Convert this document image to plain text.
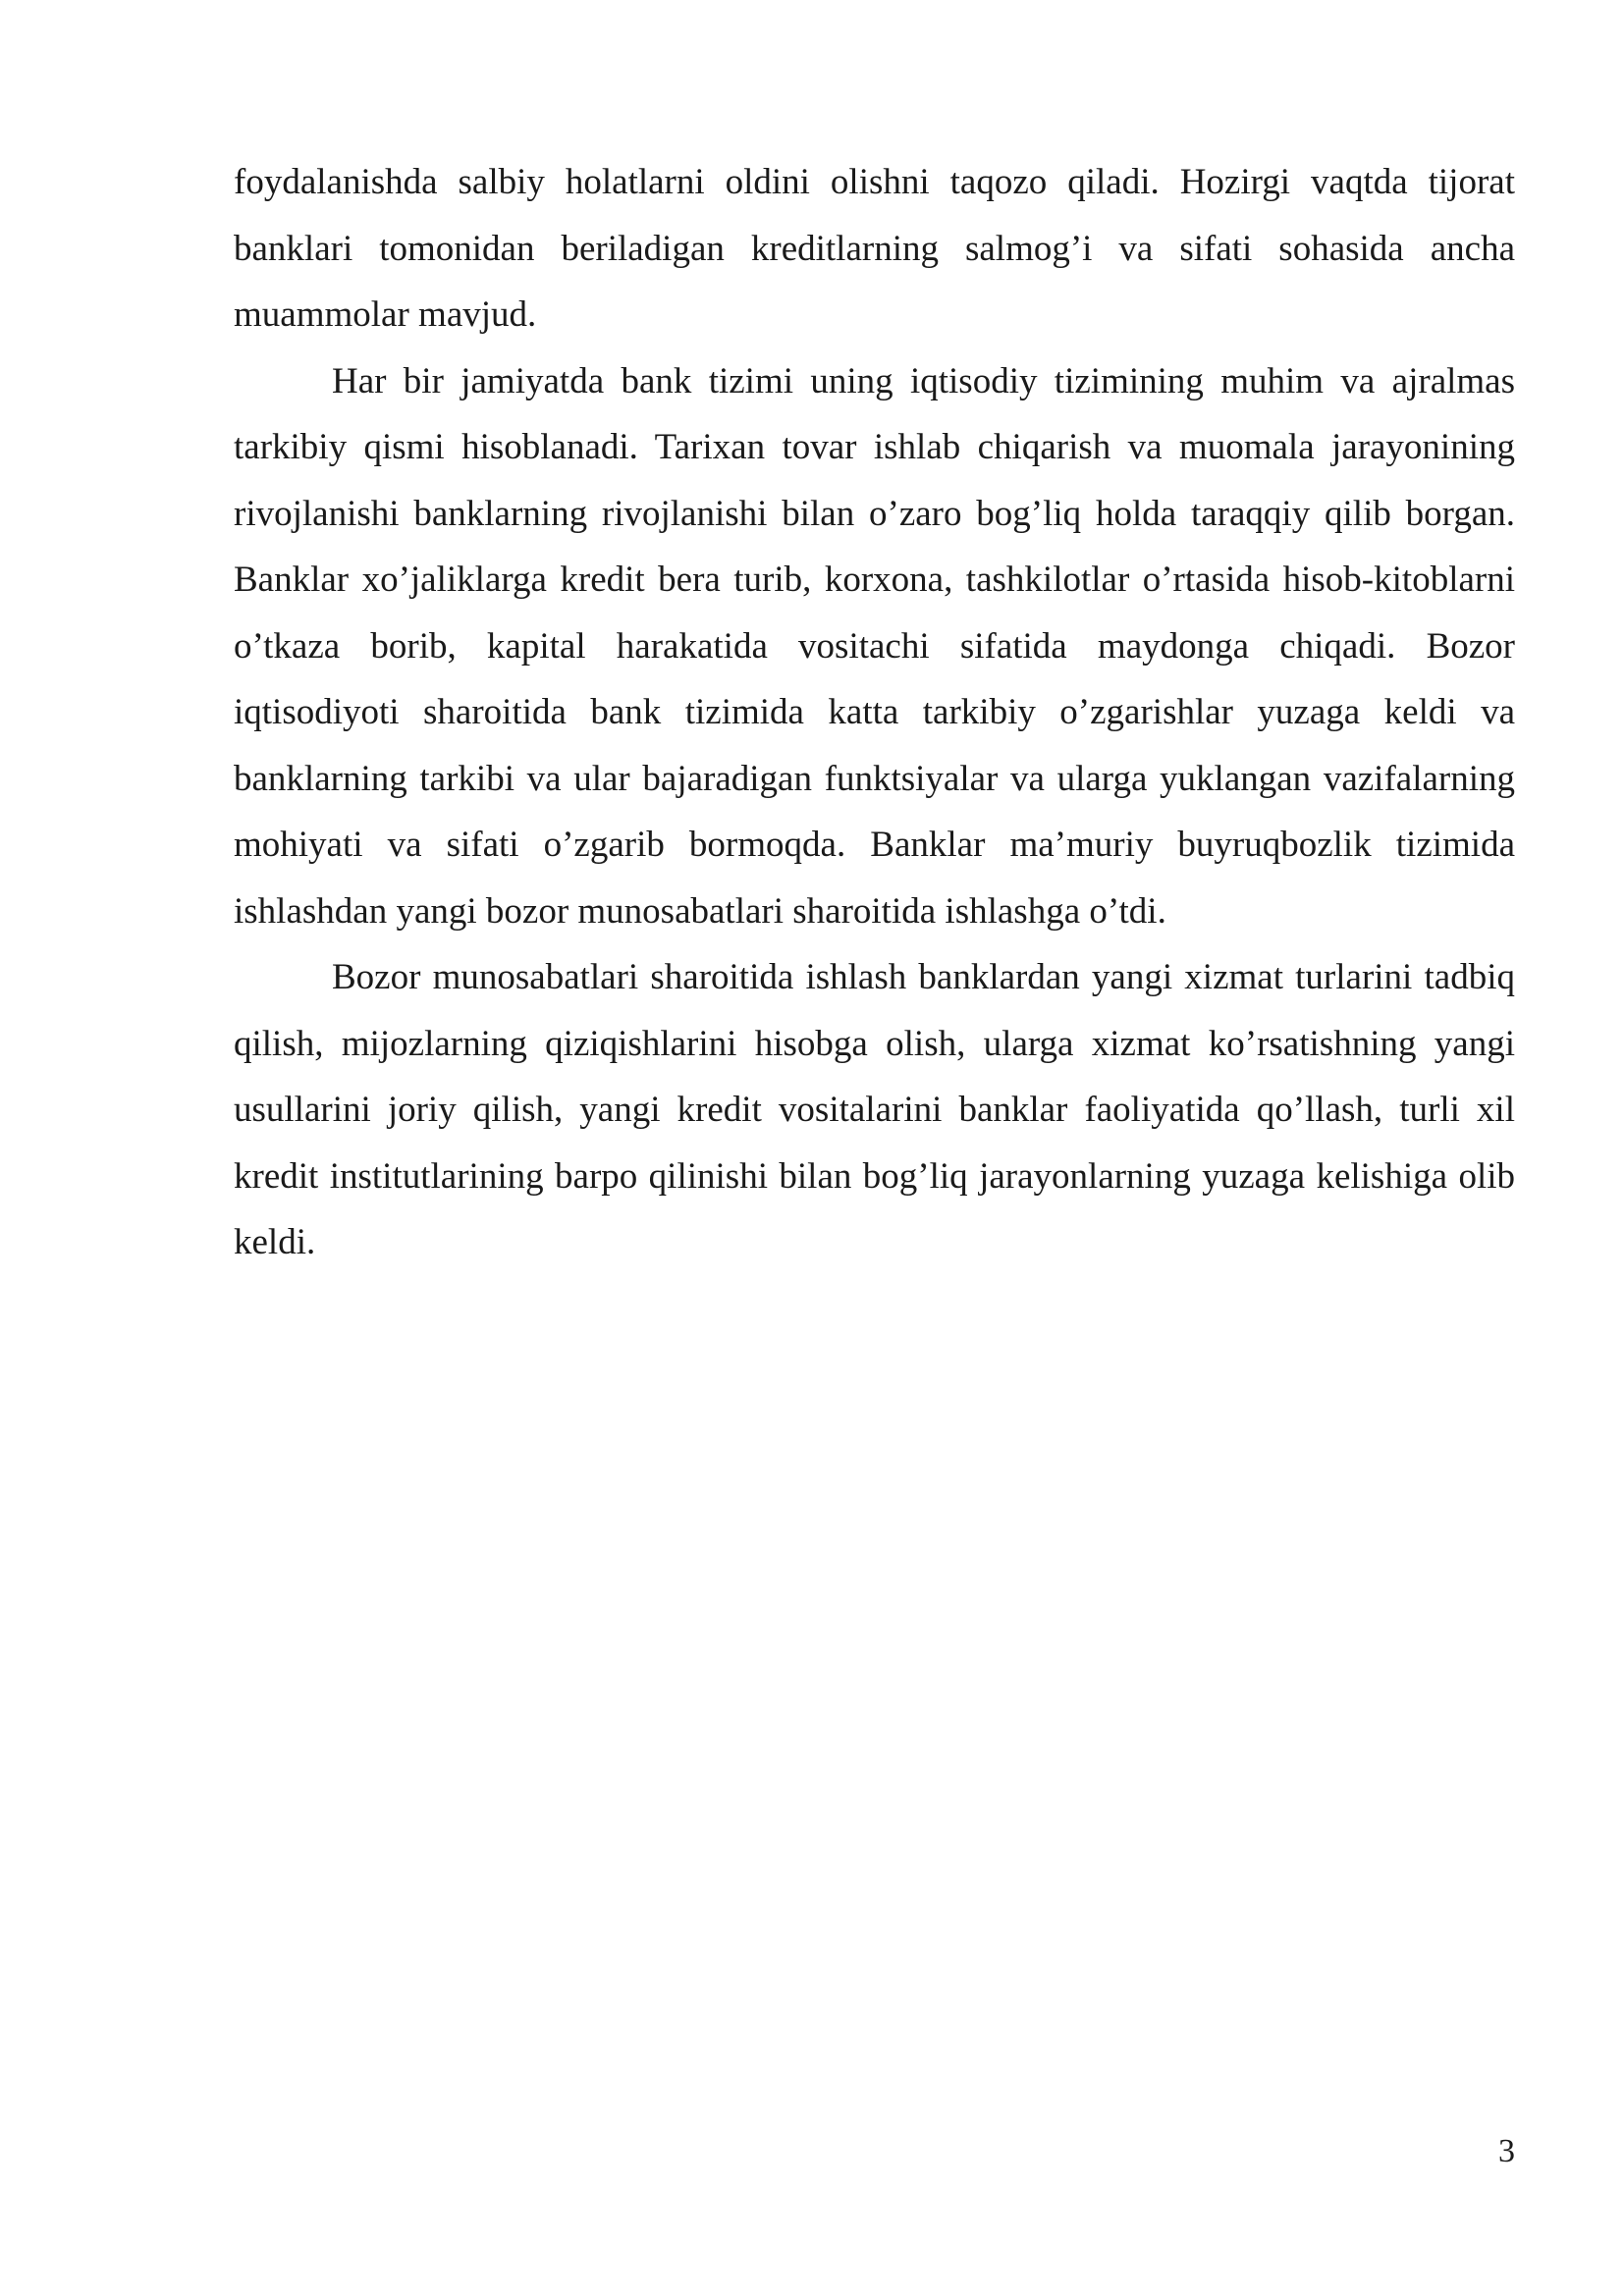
foydalanishda salbiy holatlarni oldini olishni taqozo qiladi. Hozirgi vaqtda tijorat banklari tomonidan beriladigan kreditlarning salmog’i va sifati sohasida ancha muammolar mavjud.

Har bir jamiyatda bank tizimi uning iqtisodiy tizimining muhim va ajralmas tarkibiy qismi hisoblanadi. Tarixan tovar ishlab chiqarish va muomala jarayonining rivojlanishi banklarning rivojlanishi bilan o’zaro bog’liq holda taraqqiy qilib borgan. Banklar xo’jaliklarga kredit bera turib, korxona, tashkilotlar o’rtasida hisob-kitoblarni o’tkaza borib, kapital harakatida vositachi sifatida maydonga chiqadi. Bozor iqtisodiyoti sharoitida bank tizimida katta tarkibiy o’zgarishlar yuzaga keldi va banklarning tarkibi va ular bajaradigan funktsiyalar va ularga yuklangan vazifalarning mohiyati va sifati o’zgarib bormoqda. Banklar ma’muriy buyruqbozlik tizimida ishlashdan yangi bozor munosabatlari sharoitida ishlashga o’tdi.

Bozor munosabatlari sharoitida ishlash banklardan yangi xizmat turlarini tadbiq qilish, mijozlarning qiziqishlarini hisobga olish, ularga xizmat ko’rsatishning yangi usullarini joriy qilish, yangi kredit vositalarini banklar faoliyatida qo’llash, turli xil kredit institutlarining barpo qilinishi bilan bog’liq jarayonlarning yuzaga kelishiga olib keldi.

3
